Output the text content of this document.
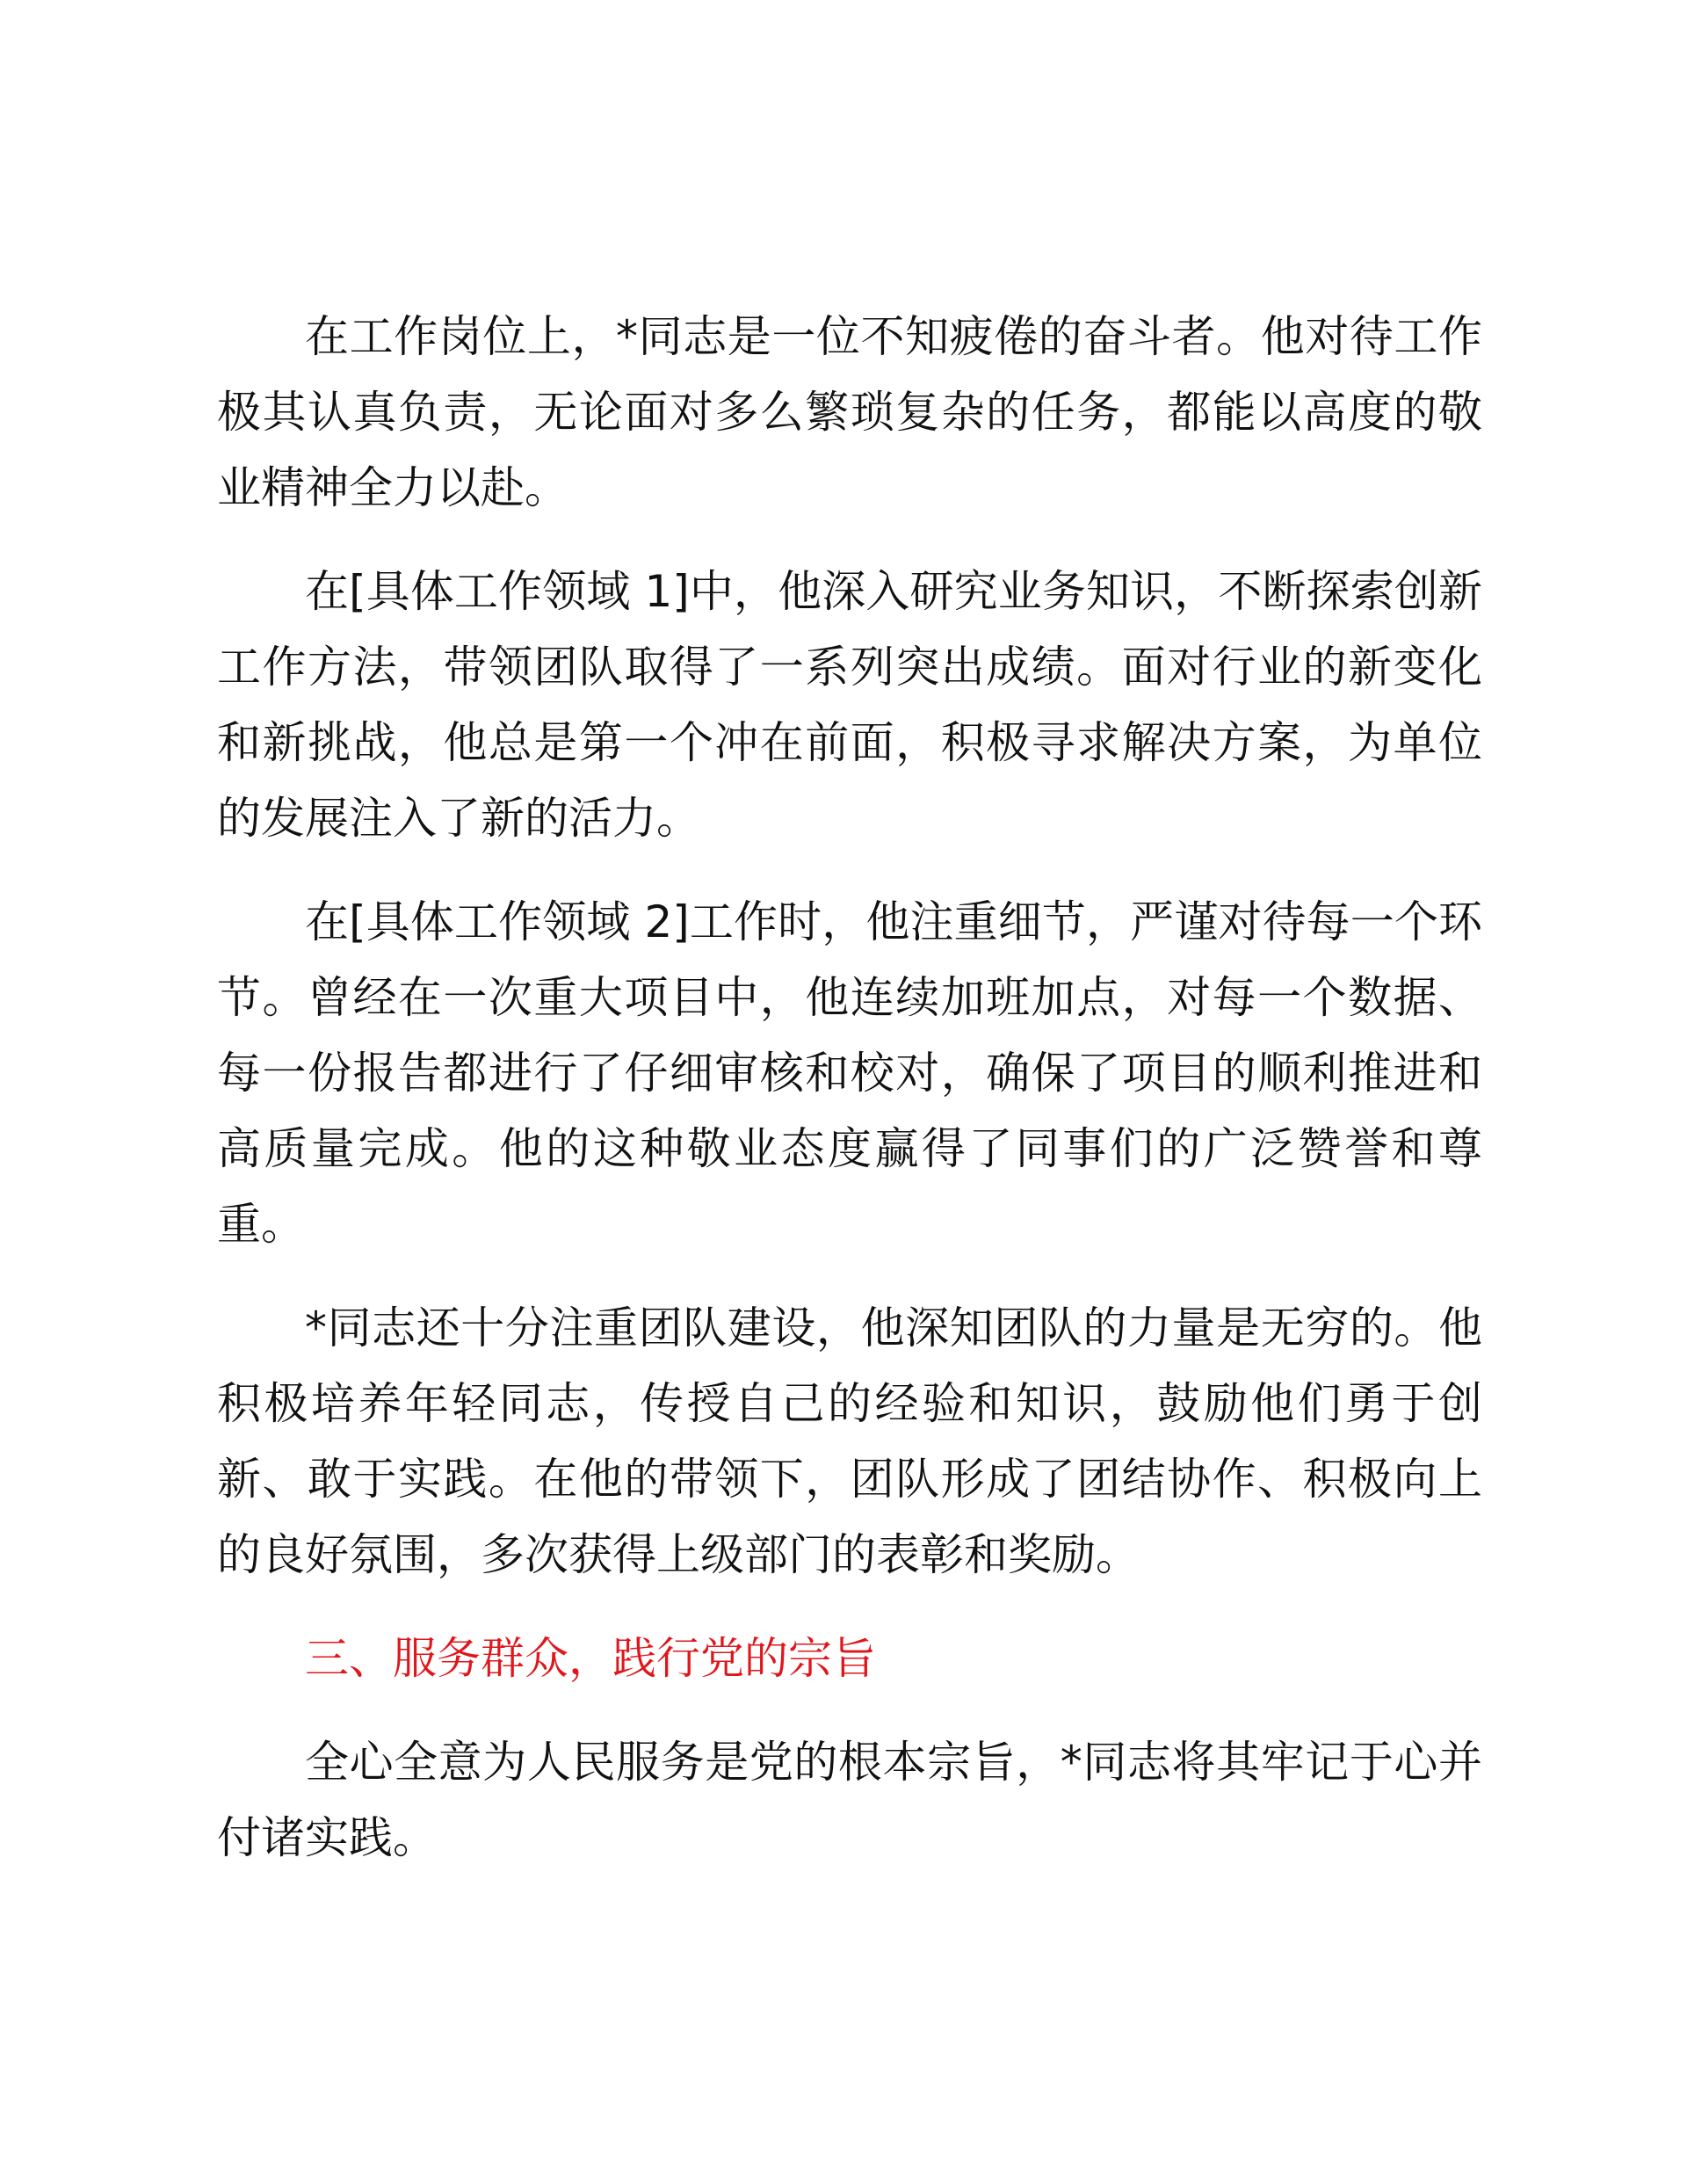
在工作岗位上，*同志是一位不知疲倦的奋斗者。他对待工作极其认真负责，无论面对多么繁琐复杂的任务，都能以高度的敬业精神全力以赴。

在[具体工作领域 1]中，他深入研究业务知识，不断探索创新工作方法，带领团队取得了一系列突出成绩。面对行业的新变化和新挑战，他总是第一个冲在前面，积极寻求解决方案，为单位的发展注入了新的活力。

在[具体工作领域 2]工作时，他注重细节，严谨对待每一个环节。曾经在一次重大项目中，他连续加班加点，对每一个数据、每一份报告都进行了仔细审核和校对，确保了项目的顺利推进和高质量完成。他的这种敬业态度赢得了同事们的广泛赞誉和尊重。

*同志还十分注重团队建设，他深知团队的力量是无穷的。他积极培养年轻同志，传授自己的经验和知识，鼓励他们勇于创新、敢于实践。在他的带领下，团队形成了团结协作、积极向上的良好氛围，多次获得上级部门的表彰和奖励。

三、服务群众，践行党的宗旨

全心全意为人民服务是党的根本宗旨，*同志将其牢记于心并付诸实践。
